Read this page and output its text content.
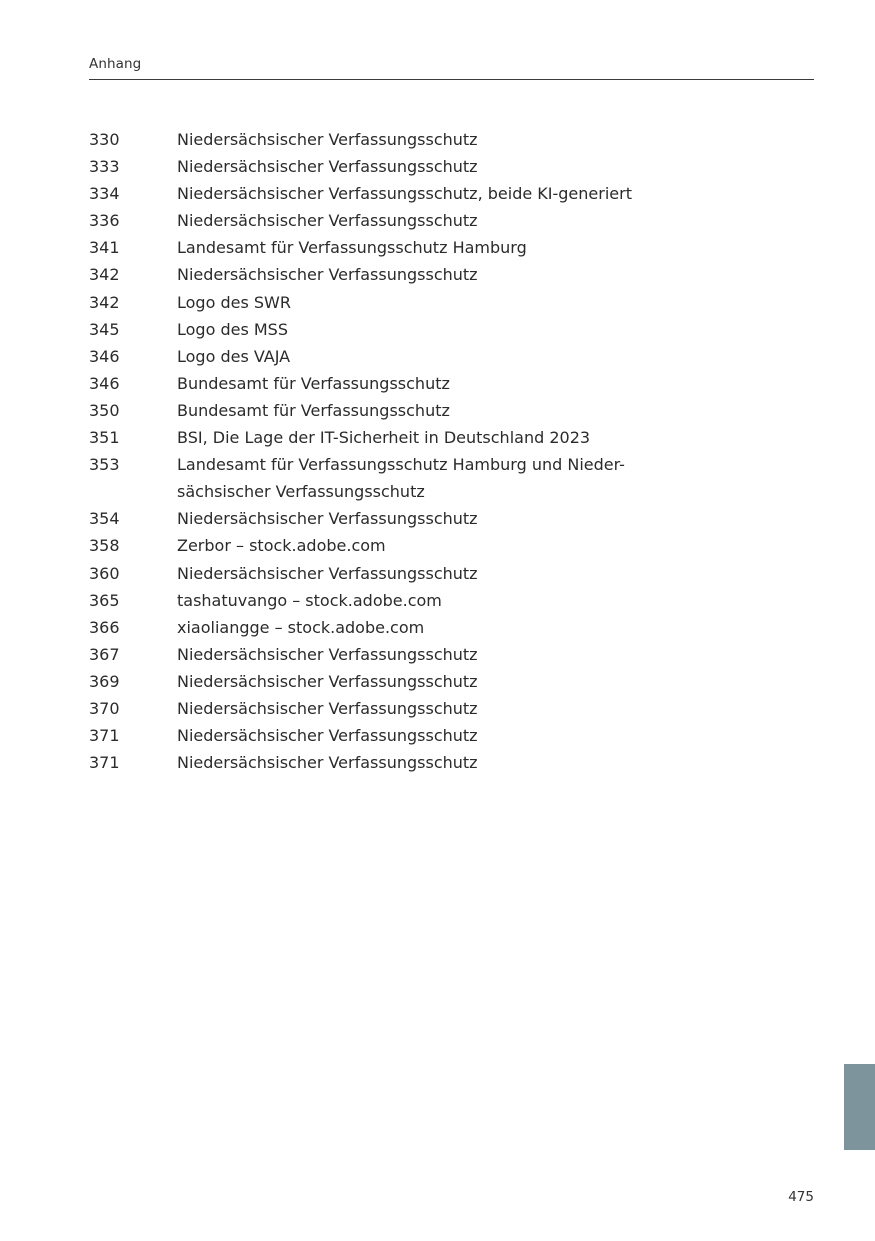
Anhang
330	Niedersächsischer Verfassungsschutz
333	Niedersächsischer Verfassungsschutz
334	Niedersächsischer Verfassungsschutz, beide KI-generiert
336	Niedersächsischer Verfassungsschutz
341	Landesamt für Verfassungsschutz Hamburg
342	Niedersächsischer Verfassungsschutz
342	Logo des SWR
345	Logo des MSS
346	Logo des VAJA
346	Bundesamt für Verfassungsschutz
350	Bundesamt für Verfassungsschutz
351	BSI, Die Lage der IT-Sicherheit in Deutschland 2023
353	Landesamt für Verfassungsschutz Hamburg und Nieder-
sächsischer Verfassungsschutz
354	Niedersächsischer Verfassungsschutz
358	Zerbor – stock.adobe.com
360	Niedersächsischer Verfassungsschutz
365	tashatuvango – stock.adobe.com
366	xiaoliangge – stock.adobe.com
367	Niedersächsischer Verfassungsschutz
369	Niedersächsischer Verfassungsschutz
370	Niedersächsischer Verfassungsschutz
371	Niedersächsischer Verfassungsschutz
371	Niedersächsischer Verfassungsschutz
475
